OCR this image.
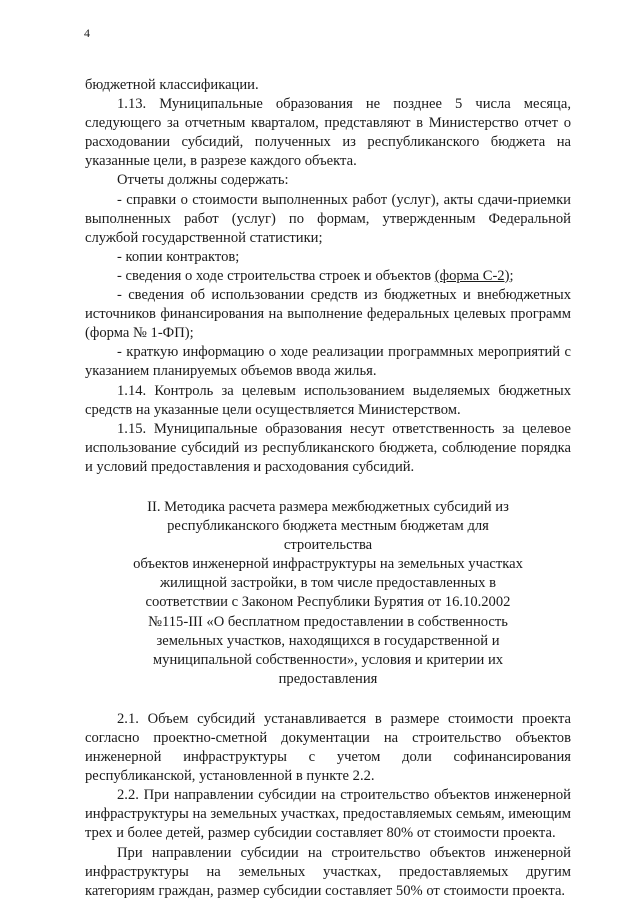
4

бюджетной классификации.

1.13. Муниципальные образования не позднее 5 числа месяца, следующего за отчетным кварталом, представляют в Министерство отчет о расходовании субсидий, полученных из республиканского бюджета на указанные цели, в разрезе каждого объекта.

Отчеты должны содержать:

- справки о стоимости выполненных работ (услуг), акты сдачи-приемки выполненных работ (услуг) по формам, утвержденным Федеральной службой государственной статистики;

- копии контрактов;

- сведения о ходе строительства строек и объектов (форма С-2);

- сведения об использовании средств из бюджетных и внебюджетных источников финансирования на выполнение федеральных целевых программ (форма № 1-ФП);

- краткую информацию о ходе реализации программных мероприятий с указанием планируемых объемов ввода жилья.

1.14. Контроль за целевым использованием выделяемых бюджетных средств на указанные цели осуществляется Министерством.

1.15. Муниципальные образования несут ответственность за целевое использование субсидий из республиканского бюджета, соблюдение порядка и условий предоставления и расходования субсидий.

II. Методика расчета размера межбюджетных субсидий из
республиканского бюджета местным бюджетам для строительства
объектов инженерной инфраструктуры на земельных участках
жилищной застройки, в том числе предоставленных в
соответствии с Законом Республики Бурятия от 16.10.2002
№115-III «О бесплатном предоставлении в собственность
земельных участков, находящихся в государственной и
муниципальной собственности», условия и критерии их
предоставления

2.1. Объем субсидий устанавливается в размере стоимости проекта согласно проектно-сметной документации на строительство объектов инженерной инфраструктуры с учетом доли софинансирования республиканской, установленной в пункте 2.2.

2.2. При направлении субсидии на строительство объектов инженерной инфраструктуры на земельных участках, предоставляемых семьям, имеющим трех и более детей, размер субсидии составляет 80% от стоимости проекта.

При направлении субсидии на строительство объектов инженерной инфраструктуры на земельных участках, предоставляемых другим категориям граждан, размер субсидии составляет 50% от стоимости проекта.
